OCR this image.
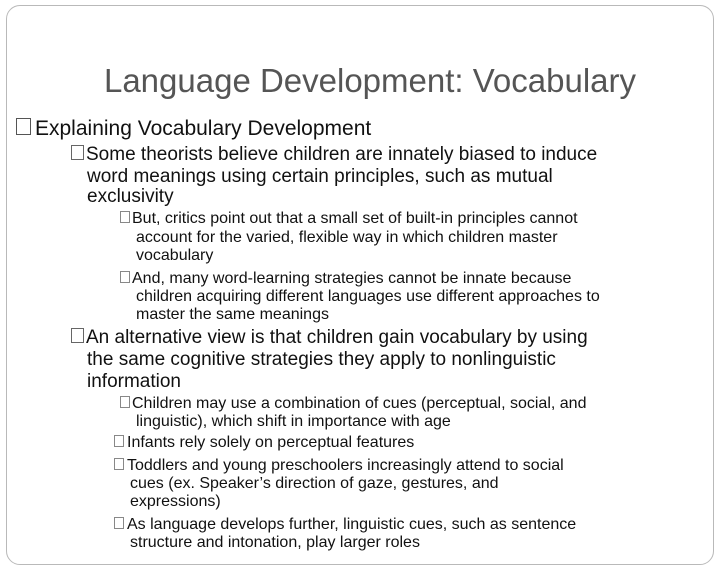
Language Development: Vocabulary
Explaining Vocabulary Development
Some theorists believe children are innately biased to induce
word meanings using certain principles, such as mutual
exclusivity
But, critics point out that a small set of built-in principles cannot
account for the varied, flexible way in which children master
vocabulary
And, many word-learning strategies cannot be innate because
children acquiring different languages use different approaches to
master the same meanings
An alternative view is that children gain vocabulary by using
the same cognitive strategies they apply to nonlinguistic
information
Children may use a combination of cues (perceptual, social, and
linguistic), which shift in importance with age
Infants rely solely on perceptual features
Toddlers and young preschoolers increasingly attend to social
cues (ex. Speaker’s direction of gaze, gestures, and
expressions)
As language develops further, linguistic cues, such as sentence
structure and intonation, play larger roles
